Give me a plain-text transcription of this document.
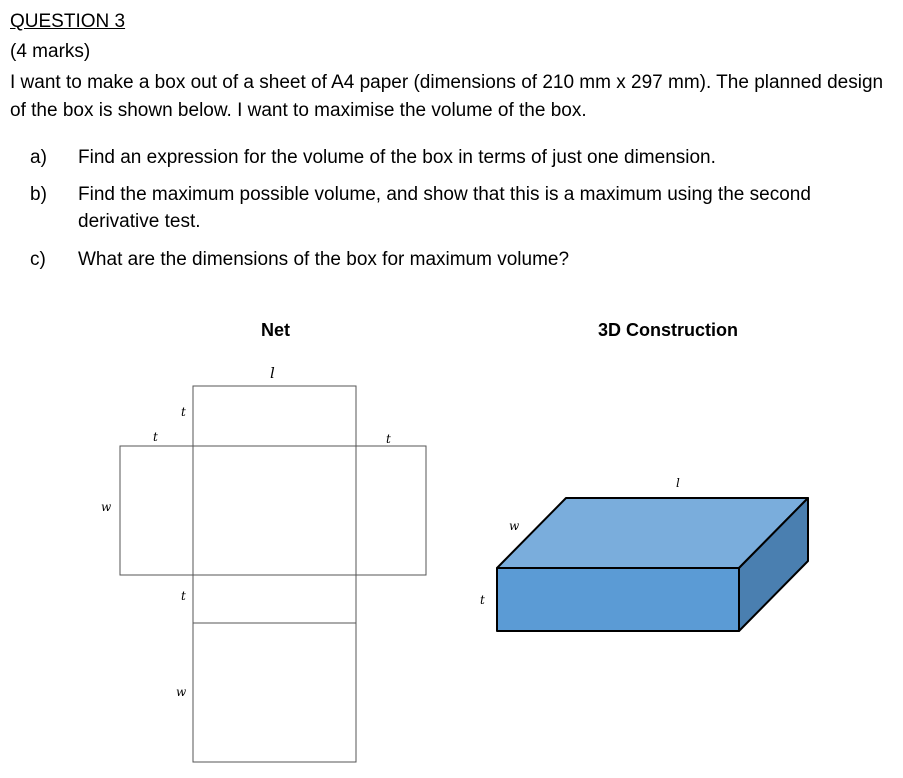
QUESTION 3
(4 marks)
I want to make a box out of a sheet of A4 paper (dimensions of 210 mm x 297 mm). The planned design of the box is shown below. I want to maximise the volume of the box.
a) Find an expression for the volume of the box in terms of just one dimension.
b) Find the maximum possible volume, and show that this is a maximum using the second derivative test.
c) What are the dimensions of the box for maximum volume?
Net	3D Construction
l
t
t	t
w
t
w
l
w
t
